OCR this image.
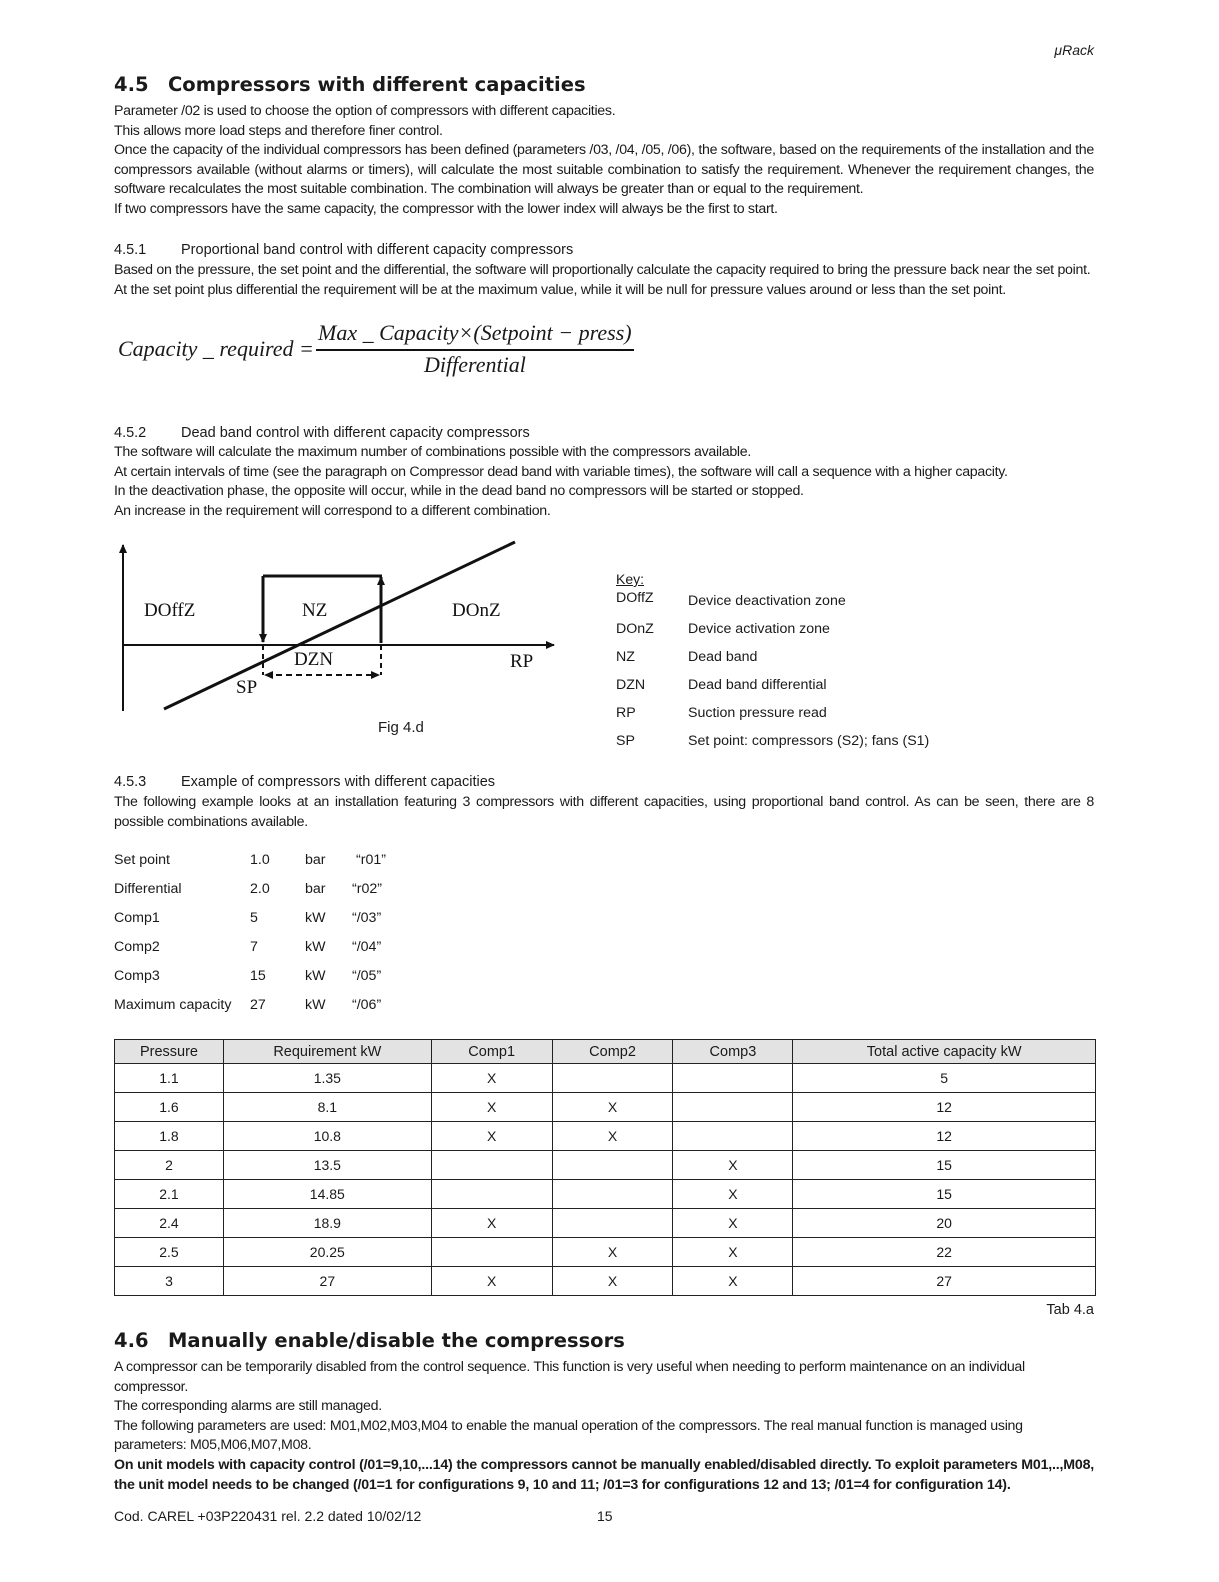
μRack
4.5 Compressors with different capacities

Parameter /02 is used to choose the option of compressors with different capacities.

This allows more load steps and therefore finer control.

Once the capacity of the individual compressors has been defined (parameters /03, /04, /05, /06), the software, based on the requirements of the installation and the compressors available (without alarms or timers), will calculate the most suitable combination to satisfy the requirement. Whenever the requirement changes, the software recalculates the most suitable combination. The combination will always be greater than or equal to the requirement.

If two compressors have the same capacity, the compressor with the lower index will always be the first to start.

4.5.1 Proportional band control with different capacity compressors

Based on the pressure, the set point and the differential, the software will proportionally calculate the capacity required to bring the pressure back near the set point.

At the set point plus differential the requirement will be at the maximum value, while it will be null for pressure values around or less than the set point.

Capacity _ required =
Max _ Capacity×(Setpoint − press)
Differential
4.5.2 Dead band control with different capacity compressors

The software will calculate the maximum number of combinations possible with the compressors available.

At certain intervals of time (see the paragraph on Compressor dead band with variable times), the software will call a sequence with a higher capacity.

In the deactivation phase, the opposite will occur, while in the dead band no compressors will be started or stopped.

An increase in the requirement will correspond to a different combination.

DOffZ	NZ	DOnZ
DZN	RP
SP
Fig 4.d
Key:
DOffZ Device deactivation zone
DOnZ Device activation zone
NZ	Dead band
DZN	Dead band differential
RP	Suction pressure read
SP	Set point: compressors (S2); fans (S1)
4.5.3 Example of compressors with different capacities

The following example looks at an installation featuring 3 compressors with different capacities, using proportional band control. As can be seen, there are 8 possible combinations available.

Set point	1.0 bar “r01”
Differential	2.0 bar “r02”
Comp1	5	kW “/03”
Comp2	7	kW “/04”
Comp3	15	kW “/05”
Maximum capacity	27	kW “/06”
Pressure	Requirement kW	Comp1	Comp2	Comp3	Total active capacity kW
1.1	1.35	X			5
1.6	8.1	X	X		12
1.8	10.8	X	X		12
2	13.5			X	15
2.1	14.85			X	15
2.4	18.9	X		X	20
2.5	20.25		X	X	22
3	27	X	X	X	27
Tab 4.a
4.6 Manually enable/disable the compressors

A compressor can be temporarily disabled from the control sequence. This function is very useful when needing to perform maintenance on an individual compressor.

The corresponding alarms are still managed.

The following parameters are used: M01,M02,M03,M04 to enable the manual operation of the compressors. The real manual function is managed using parameters: M05,M06,M07,M08.

On unit models with capacity control (/01=9,10,...14) the compressors cannot be manually enabled/disabled directly. To exploit parameters M01,..,M08, the unit model needs to be changed (/01=1 for configurations 9, 10 and 11; /01=3 for configurations 12 and 13; /01=4 for configuration 14).

Cod. CAREL +03P220431 rel. 2.2 dated 10/02/12	15
